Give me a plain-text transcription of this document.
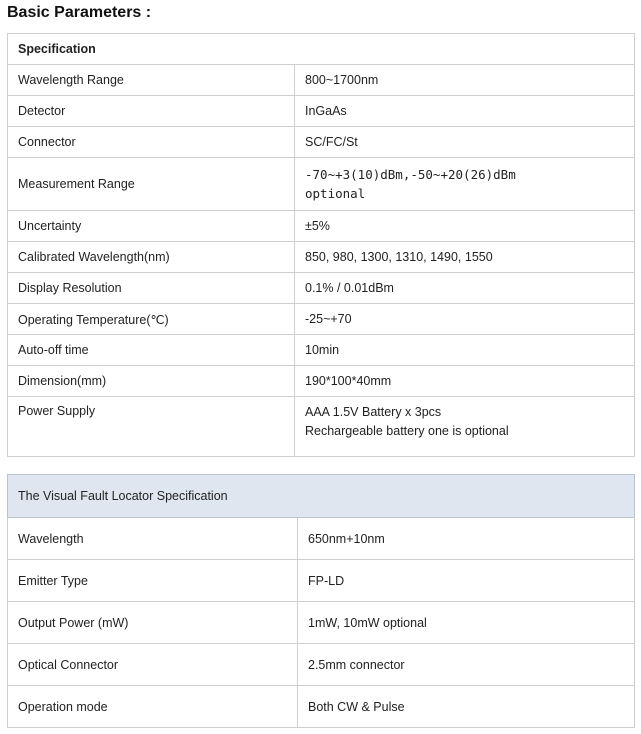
Basic Parameters :
Specification	
Wavelength Range	800~1700nm
Detector	InGaAs
Connector	SC/FC/St
Measurement Range	-70~+3(10)dBm,-50~+20(26)dBm
optional

Uncertainty	±5%
Calibrated Wavelength(nm)	850, 980, 1300, 1310, 1490, 1550
Display Resolution	0.1% / 0.01dBm
Operating Temperature(℃)	-25~+70
Auto-off time	10min
Dimension(mm)	190*100*40mm
Power Supply	AAA 1.5V Battery x 3pcs
Rechargeable battery one is optional
The Visual Fault Locator Specification	
Wavelength	650nm+10nm
Emitter Type	FP-LD
Output Power (mW)	1mW, 10mW optional
Optical Connector	2.5mm connector
Operation mode	Both CW & Pulse
